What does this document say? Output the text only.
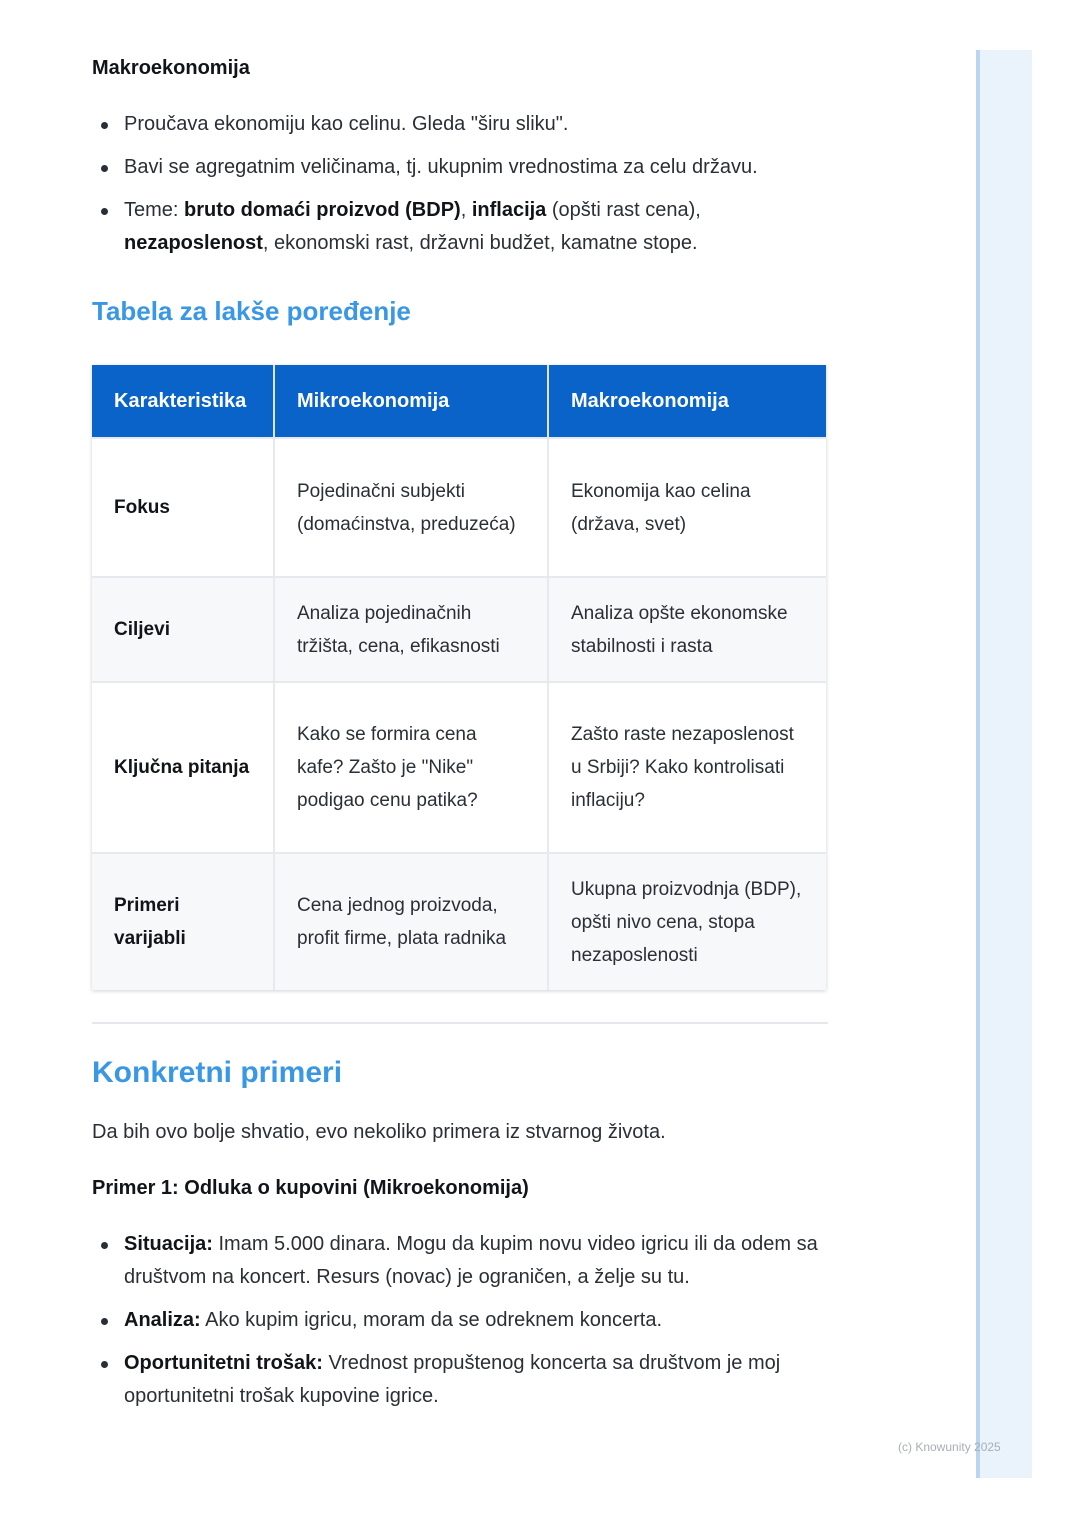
Makroekonomija
Proučava ekonomiju kao celinu. Gleda "širu sliku".
Bavi se agregatnim veličinama, tj. ukupnim vrednostima za celu državu.
Teme: bruto domaći proizvod (BDP), inflacija (opšti rast cena),
nezaposlenost, ekonomski rast, državni budžet, kamatne stope.
Tabela za lakše poređenje
Karakteristika	Mikroekonomija	Makroekonomija
Fokus	Pojedinačni subjekti (domaćinstva, preduzeća)	Ekonomija kao celina (država, svet)
Ciljevi	Analiza pojedinačnih tržišta, cena, efikasnosti	Analiza opšte ekonomske stabilnosti i rasta
Ključna pitanja	Kako se formira cena kafe? Zašto je "Nike" podigao cenu patika?	Zašto raste nezaposlenost u Srbiji? Kako kontrolisati inflaciju?
Primeri varijabli	Cena jednog proizvoda, profit firme, plata radnika	Ukupna proizvodnja (BDP), opšti nivo cena, stopa nezaposlenosti
Konkretni primeri

Da bih ovo bolje shvatio, evo nekoliko primera iz stvarnog života.

Primer 1: Odluka o kupovini (Mikroekonomija)
Situacija: Imam 5.000 dinara. Mogu da kupim novu video igricu ili da odem sa društvom na koncert. Resurs (novac) je ograničen, a želje su tu.
Analiza: Ako kupim igricu, moram da se odreknem koncerta.
Oportunitetni trošak: Vrednost propuštenog koncerta sa društvom je moj oportunitetni trošak kupovine igrice.
(c) Knowunity 2025
